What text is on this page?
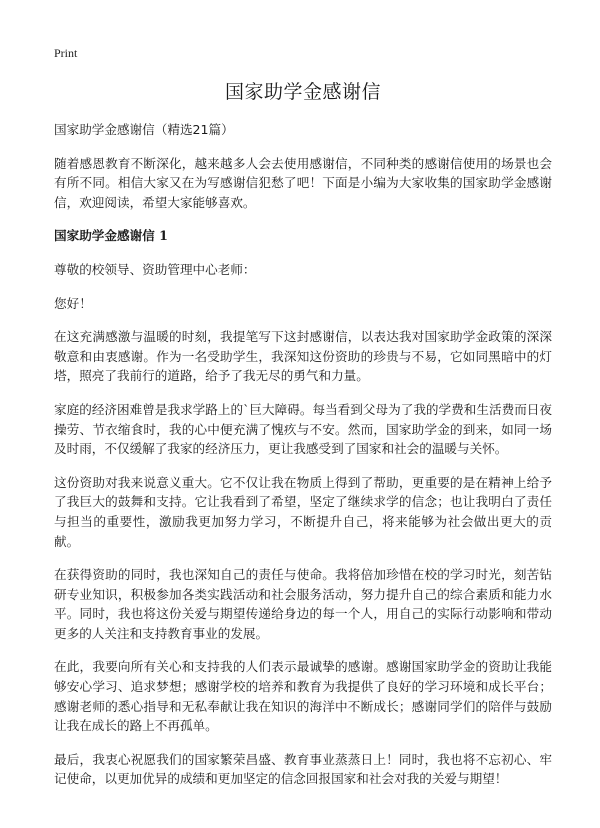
Print
国家助学金感谢信

国家助学金感谢信（精选21篇）

随着感恩教育不断深化，越来越多人会去使用感谢信，不同种类的感谢信使用的场景也会有所不同。相信大家又在为写感谢信犯愁了吧！下面是小编为大家收集的国家助学金感谢信，欢迎阅读，希望大家能够喜欢。

国家助学金感谢信 1

尊敬的校领导、资助管理中心老师：

您好！

在这充满感激与温暖的时刻，我提笔写下这封感谢信，以表达我对国家助学金政策的深深敬意和由衷感谢。作为一名受助学生，我深知这份资助的珍贵与不易，它如同黑暗中的灯塔，照亮了我前行的道路，给予了我无尽的勇气和力量。

家庭的经济困难曾是我求学路上的`巨大障碍。每当看到父母为了我的学费和生活费而日夜操劳、节衣缩食时，我的心中便充满了愧疚与不安。然而，国家助学金的到来，如同一场及时雨，不仅缓解了我家的经济压力，更让我感受到了国家和社会的温暖与关怀。

这份资助对我来说意义重大。它不仅让我在物质上得到了帮助，更重要的是在精神上给予了我巨大的鼓舞和支持。它让我看到了希望，坚定了继续求学的信念；也让我明白了责任与担当的重要性，激励我更加努力学习，不断提升自己，将来能够为社会做出更大的贡献。

在获得资助的同时，我也深知自己的责任与使命。我将倍加珍惜在校的学习时光，刻苦钻研专业知识，积极参加各类实践活动和社会服务活动，努力提升自己的综合素质和能力水平。同时，我也将这份关爱与期望传递给身边的每一个人，用自己的实际行动影响和带动更多的人关注和支持教育事业的发展。

在此，我要向所有关心和支持我的人们表示最诚挚的感谢。感谢国家助学金的资助让我能够安心学习、追求梦想；感谢学校的培养和教育为我提供了良好的学习环境和成长平台；感谢老师的悉心指导和无私奉献让我在知识的海洋中不断成长；感谢同学们的陪伴与鼓励让我在成长的路上不再孤单。

最后，我衷心祝愿我们的国家繁荣昌盛、教育事业蒸蒸日上！同时，我也将不忘初心、牢记使命，以更加优异的成绩和更加坚定的信念回报国家和社会对我的关爱与期望！
